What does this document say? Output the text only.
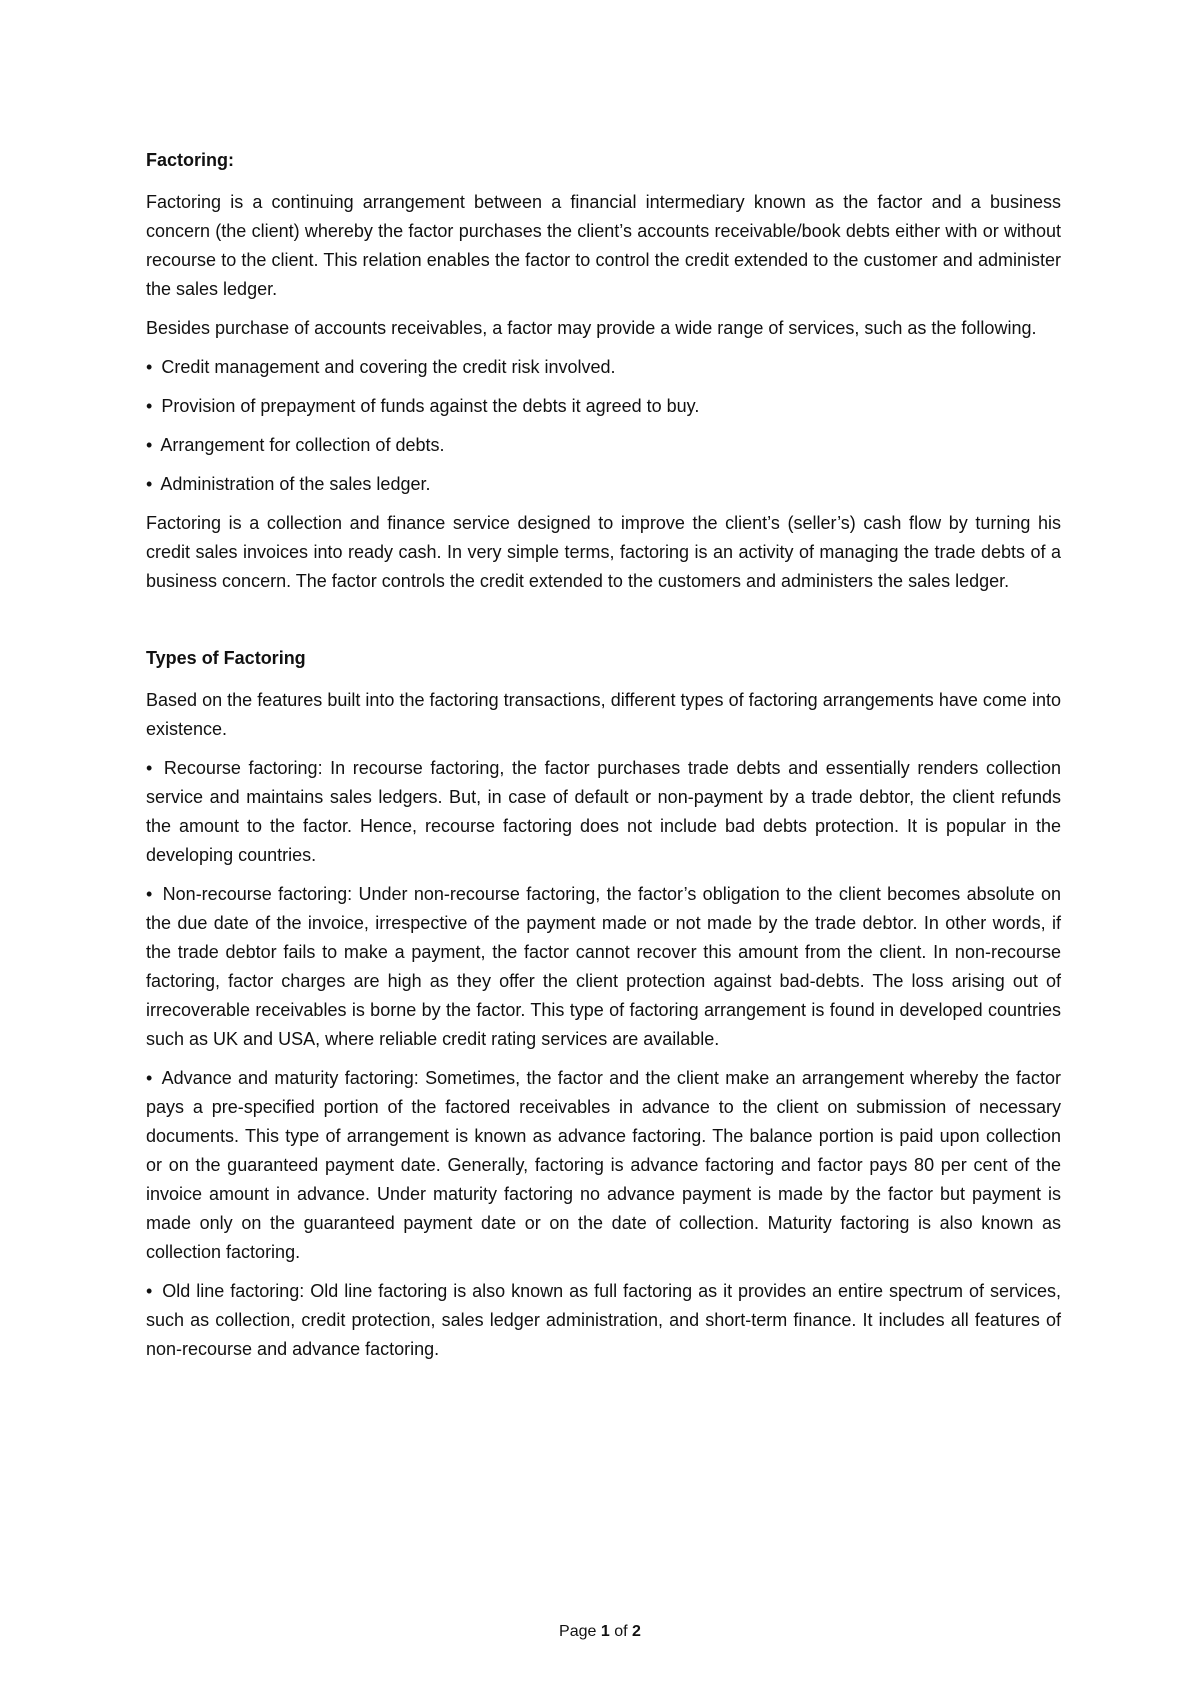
Factoring:

Factoring is a continuing arrangement between a financial intermediary known as the factor and a business concern (the client) whereby the factor purchases the client’s accounts receivable/book debts either with or without recourse to the client. This relation enables the factor to control the credit extended to the customer and administer the sales ledger.

Besides purchase of accounts receivables, a factor may provide a wide range of services, such as the following.

• Credit management and covering the credit risk involved.

• Provision of prepayment of funds against the debts it agreed to buy.

• Arrangement for collection of debts.

• Administration of the sales ledger.

Factoring is a collection and finance service designed to improve the client’s (seller’s) cash flow by turning his credit sales invoices into ready cash. In very simple terms, factoring is an activity of managing the trade debts of a business concern. The factor controls the credit extended to the customers and administers the sales ledger.

Types of Factoring

Based on the features built into the factoring transactions, different types of factoring arrangements have come into existence.

• Recourse factoring: In recourse factoring, the factor purchases trade debts and essentially renders collection service and maintains sales ledgers. But, in case of default or non-payment by a trade debtor, the client refunds the amount to the factor. Hence, recourse factoring does not include bad debts protection. It is popular in the developing countries.

• Non-recourse factoring: Under non-recourse factoring, the factor’s obligation to the client becomes absolute on the due date of the invoice, irrespective of the payment made or not made by the trade debtor. In other words, if the trade debtor fails to make a payment, the factor cannot recover this amount from the client. In non-recourse factoring, factor charges are high as they offer the client protection against bad-debts. The loss arising out of irrecoverable receivables is borne by the factor. This type of factoring arrangement is found in developed countries such as UK and USA, where reliable credit rating services are available.

• Advance and maturity factoring: Sometimes, the factor and the client make an arrangement whereby the factor pays a pre-specified portion of the factored receivables in advance to the client on submission of necessary documents. This type of arrangement is known as advance factoring. The balance portion is paid upon collection or on the guaranteed payment date. Generally, factoring is advance factoring and factor pays 80 per cent of the invoice amount in advance. Under maturity factoring no advance payment is made by the factor but payment is made only on the guaranteed payment date or on the date of collection. Maturity factoring is also known as collection factoring.

• Old line factoring: Old line factoring is also known as full factoring as it provides an entire spectrum of services, such as collection, credit protection, sales ledger administration, and short-term finance. It includes all features of non-recourse and advance factoring.

Page 1 of 2
